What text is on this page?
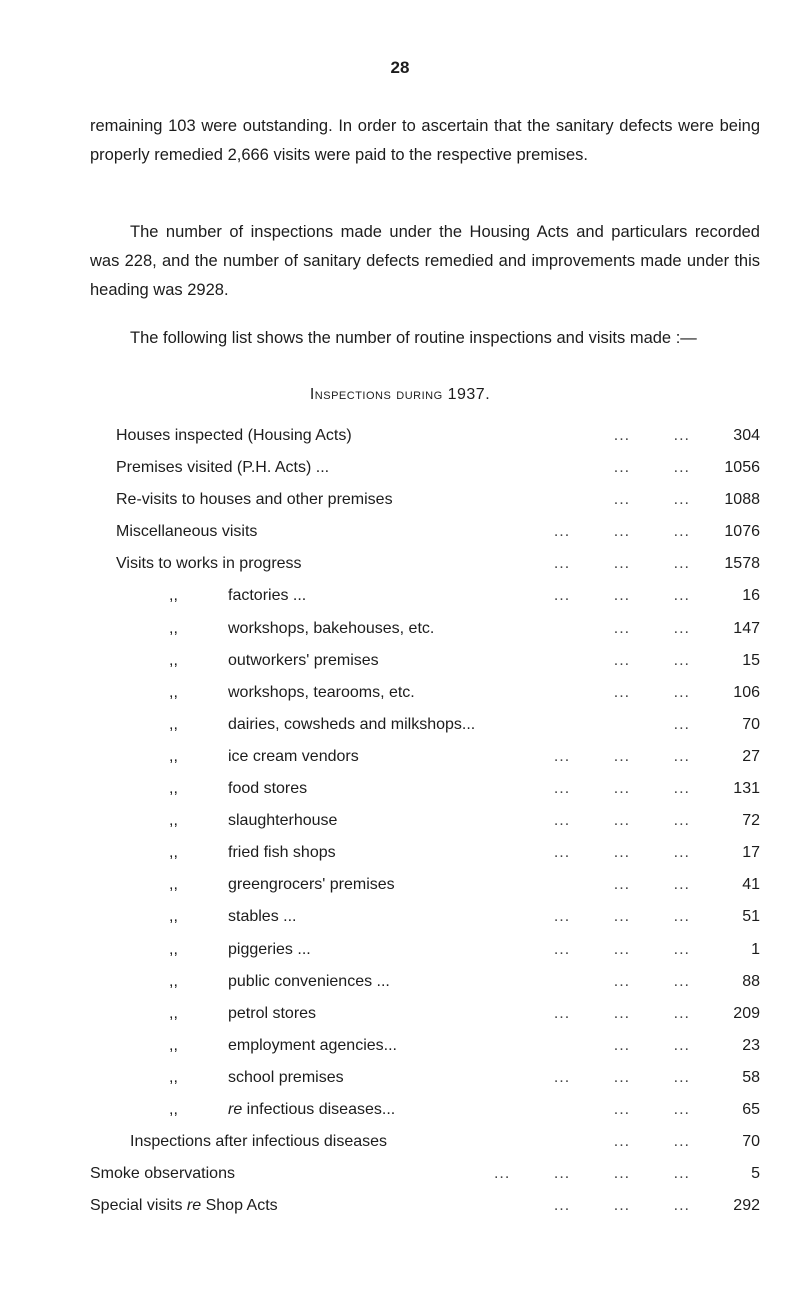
28

remaining 103 were outstanding. In order to ascertain that the sanitary defects were being properly remedied 2,666 visits were paid to the respective premises.

The number of inspections made under the Housing Acts and particulars recorded was 228, and the number of sanitary defects remedied and improvements made under this heading was 2928.

The following list shows the number of routine inspections and visits made :—

Inspections during 1937.
Houses inspected (Housing Acts)	...        ...	304
Premises visited (P.H. Acts) ...	...        ...	1056
Re-visits to houses and other premises	...        ...	1088
Miscellaneous visits	...        ...        ...	1076
Visits to works in progress	...        ...        ...	1578
,,	factories ...	...        ...        ...	16
,,	workshops, bakehouses, etc.	...        ...	147
,,	outworkers' premises	...        ...	15
,,	workshops, tearooms, etc.	...        ...	106
,,	dairies, cowsheds and milkshops...	...	70
,,	ice cream vendors	...        ...        ...	27
,,	food stores	...        ...        ...	131
,,	slaughterhouse	...        ...        ...	72
,,	fried fish shops	...        ...        ...	17
,,	greengrocers' premises	...        ...	41
,,	stables ...	...        ...        ...	51
,,	piggeries ...	...        ...        ...	1
,,	public conveniences ...	...        ...	88
,,	petrol stores	...        ...        ...	209
,,	employment agencies...	...        ...	23
,,	school premises	...        ...        ...	58
,,	re infectious diseases...	...        ...	65
Inspections after infectious diseases	...        ...	70
Smoke observations	...        ...        ...        ...	5
Special visits re Shop Acts	...        ...        ...	292
